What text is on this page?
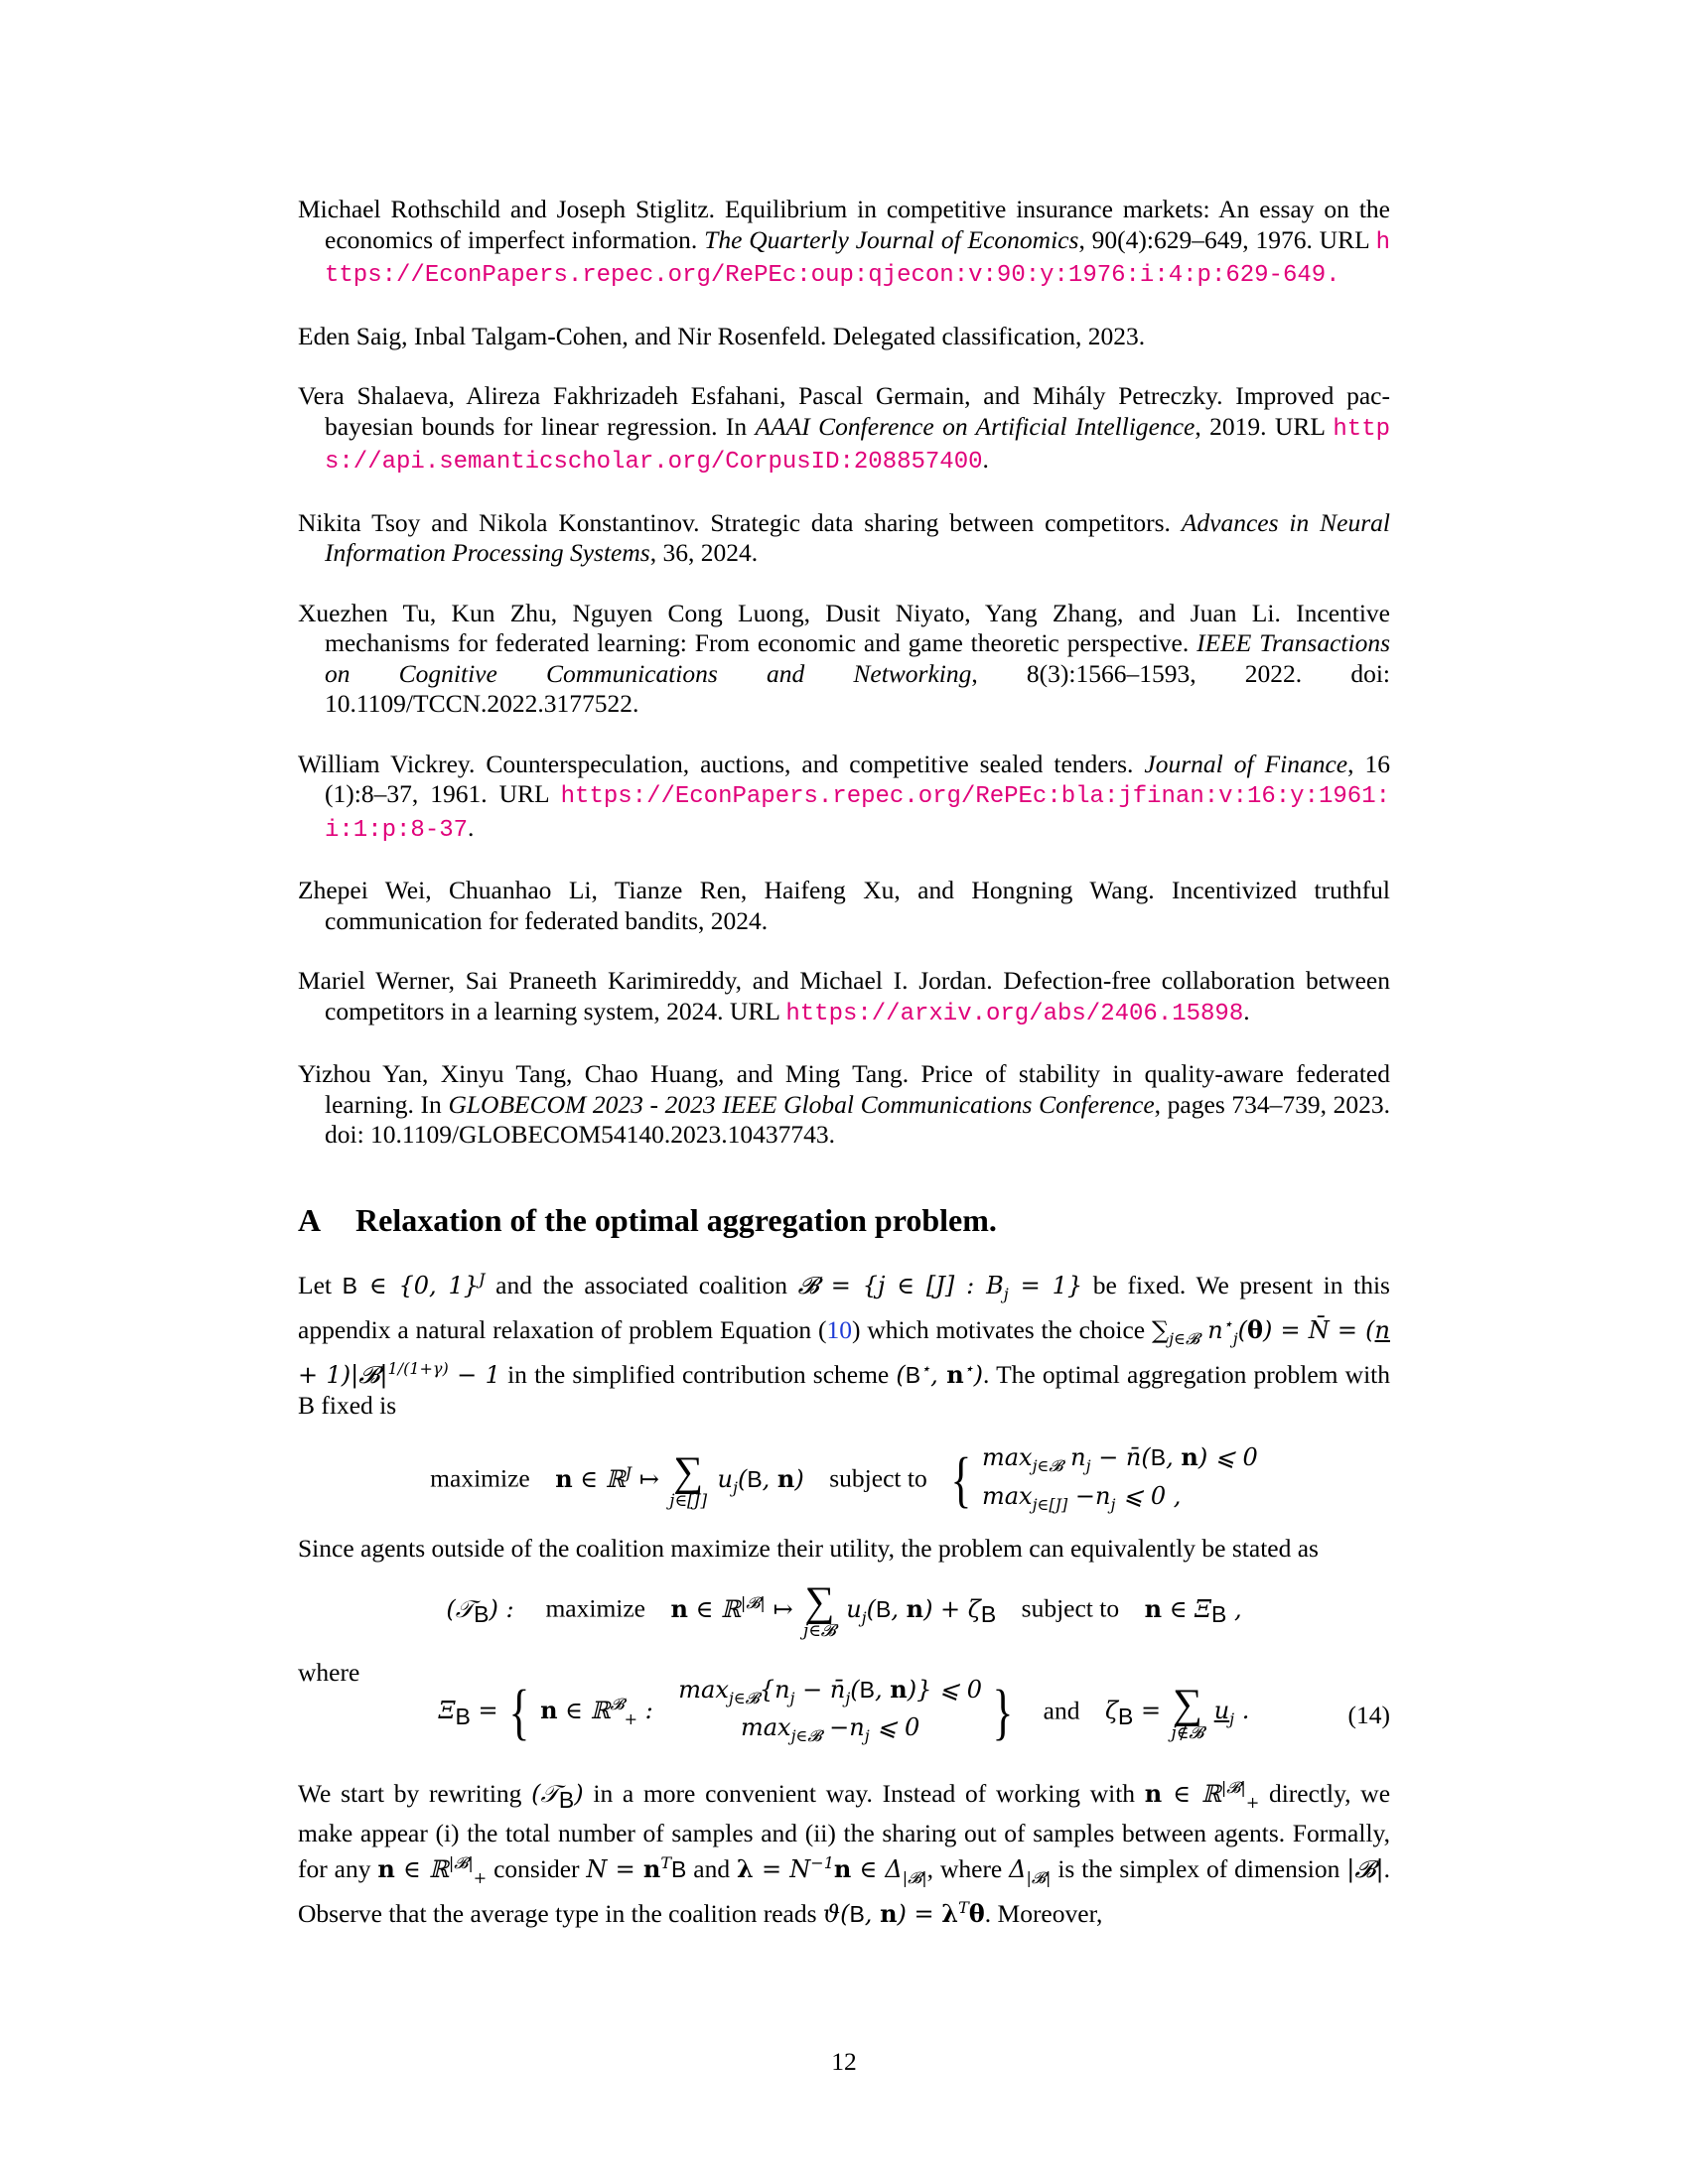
Michael Rothschild and Joseph Stiglitz. Equilibrium in competitive insurance markets: An essay on the economics of imperfect information. The Quarterly Journal of Economics, 90(4):629–649, 1976. URL https://EconPapers.repec.org/RePEc:oup:qjecon:v:90:y:1976:i:4:p:629-649.

Eden Saig, Inbal Talgam-Cohen, and Nir Rosenfeld. Delegated classification, 2023.

Vera Shalaeva, Alireza Fakhrizadeh Esfahani, Pascal Germain, and Mihály Petreczky. Improved pac-bayesian bounds for linear regression. In AAAI Conference on Artificial Intelligence, 2019. URL https://api.semanticscholar.org/CorpusID:208857400.

Nikita Tsoy and Nikola Konstantinov. Strategic data sharing between competitors. Advances in Neural Information Processing Systems, 36, 2024.

Xuezhen Tu, Kun Zhu, Nguyen Cong Luong, Dusit Niyato, Yang Zhang, and Juan Li. Incentive mechanisms for federated learning: From economic and game theoretic perspective. IEEE Transactions on Cognitive Communications and Networking, 8(3):1566–1593, 2022. doi: 10.1109/TCCN.2022.3177522.

William Vickrey. Counterspeculation, auctions, and competitive sealed tenders. Journal of Finance, 16 (1):8–37, 1961. URL https://EconPapers.repec.org/RePEc:bla:jfinan:v:16:y:1961:i:1:p:8-37.

Zhepei Wei, Chuanhao Li, Tianze Ren, Haifeng Xu, and Hongning Wang. Incentivized truthful communication for federated bandits, 2024.

Mariel Werner, Sai Praneeth Karimireddy, and Michael I. Jordan. Defection-free collaboration between competitors in a learning system, 2024. URL https://arxiv.org/abs/2406.15898.

Yizhou Yan, Xinyu Tang, Chao Huang, and Ming Tang. Price of stability in quality-aware federated learning. In GLOBECOM 2023 - 2023 IEEE Global Communications Conference, pages 734–739, 2023. doi: 10.1109/GLOBECOM54140.2023.10437743.

A Relaxation of the optimal aggregation problem.

Let B ∈ {0, 1}$^J$ and the associated coalition 𝓑 = {j ∈ [J] : $B_j = 1$} be fixed. We present in this appendix a natural relaxation of problem Equation (10) which motivates the choice $\sum_{j\in 𝓑}$ $n^⋆_j(\theta)$ = N̄ = $(n + 1)|𝓑|^{1/(1+\gamma)} - 1$ in the simplified contribution scheme (B⋆, n⋆). The optimal aggregation problem with B fixed is

maximize n ∈ ℝ$^J$ ↦ ∑
j∈[J]
$u_j(B$, n) subject to { $\max_{j\in 𝓑} n_j$ − n̄(B, n) ⩽ 0
$\max_{j\in[J]} -n_j$ ⩽ 0 ,

Since agents outside of the coalition maximize their utility, the problem can equivalently be stated as

(𝒯$_B$) : maximize n ∈ ℝ$^{|𝓑|}$ ↦ ∑
j∈𝓑
$u_j(B$, $n) + \zeta_B$ subject to n ∈ $\Xi_B$ ,

where

$\Xi_B$ = { n ∈ ℝ$^𝓑_+$ :    $\max_{j\in 𝓑}\{n_j$ − $n̄_j(B$, n)} ⩽ 0
$\max_{j\in 𝓑} -n_j$ ⩽ 0 } and $\zeta_B$ = ∑
j∉𝓑
$u_j$ .	(14)

We start by rewriting (𝒯$_B$) in a more convenient way. Instead of working with n ∈ ℝ$^{|𝓑|}_+$ directly, we make appear (i) the total number of samples and (ii) the sharing out of samples between agents. Formally, for any n ∈ ℝ$^{|𝓑|}_+$ consider $N = n^TB$ and $\lambda = N^{-1}n$ ∈ $\Delta_{|𝓑|}$, where $\Delta_{|𝓑|}$ is the simplex of dimension |𝓑|. Observe that the average type in the coalition reads ϑ(B, $n) = \lambda^T\theta$. Moreover,

12
